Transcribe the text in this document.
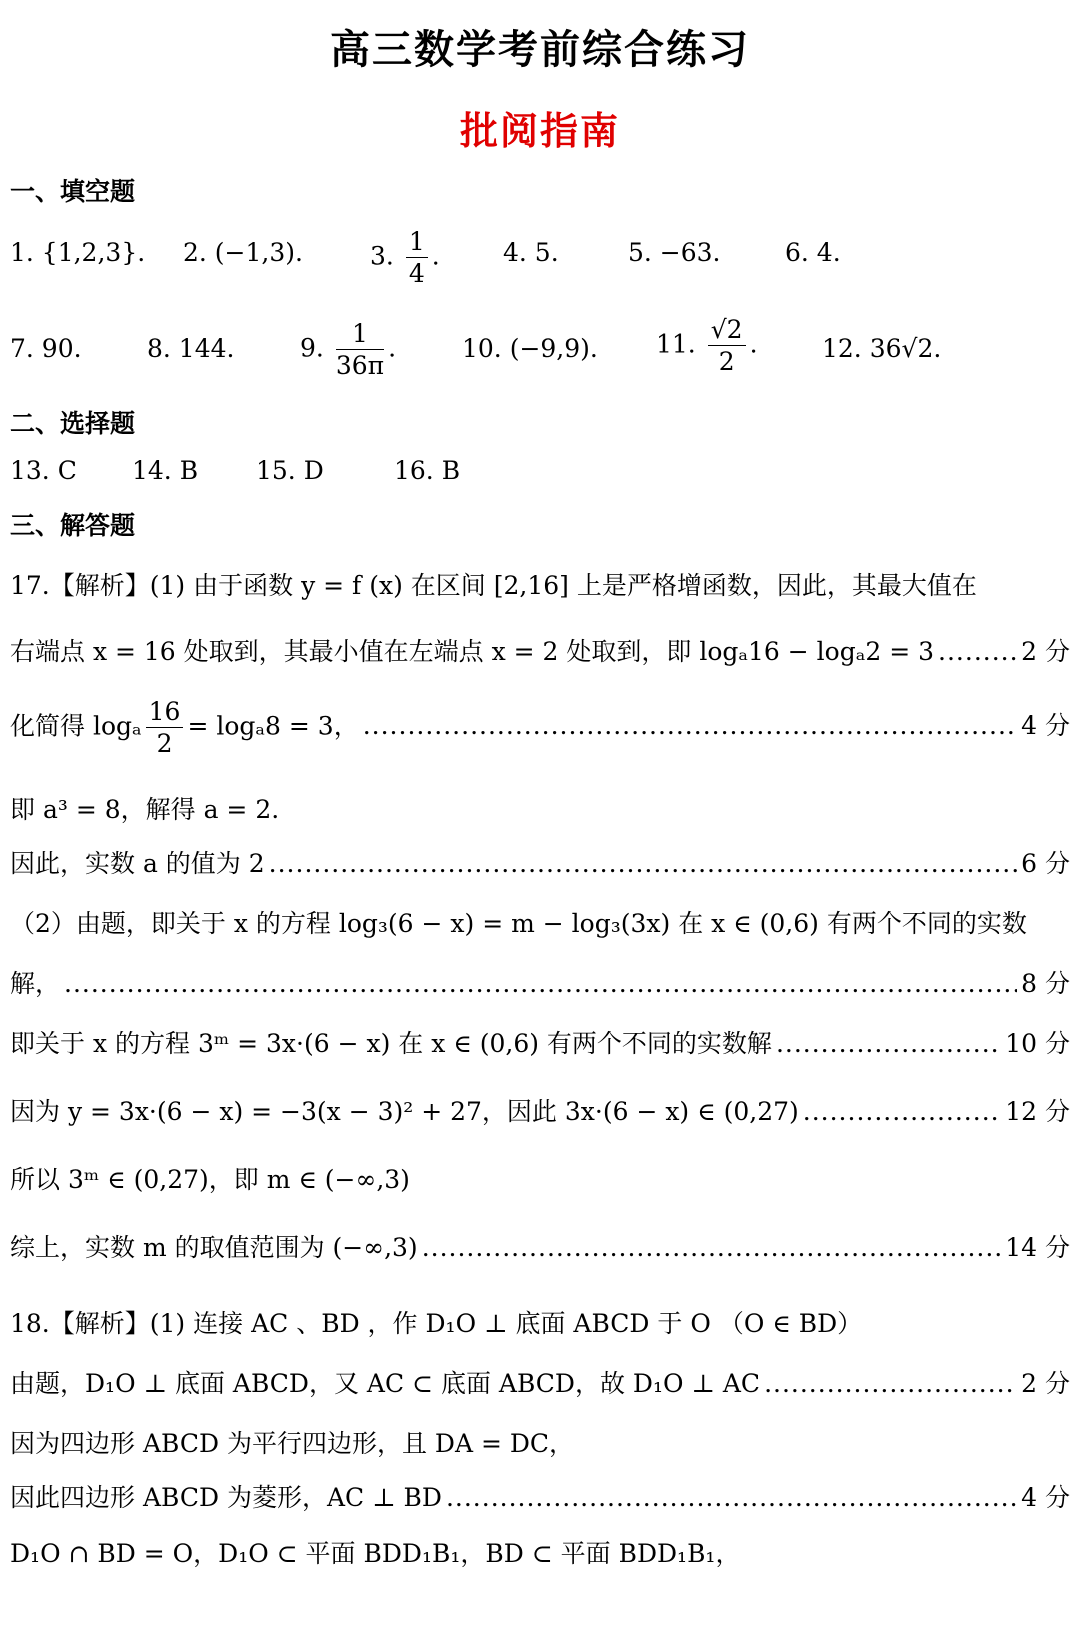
高三数学考前综合练习
批阅指南
一、填空题
1. {1,2,3}. 2. (−1,3).	3. $\frac{1}{4}$ .	4. 5.	5. −63.	6. 4.
7. 90.	8. 144.	9. $\frac{1}{36\pi}$ .	10. (−9,9). 11. $\frac{√2}{2}$ .	12. 36√2.
二、选择题
13. C 14. B 15. D	16. B
三、解答题
17.【解析】(1) 由于函数 y = f (x) 在区间 [2,16] 上是严格增函数，因此，其最大值在
右端点 x = 16 处取到，其最小值在左端点 x = 2 处取到，即 logₐ16 − logₐ2 = 3 .....	2 分
化简得 logₐ $\frac{16}{2} = \log_a8 = 3$， .....	4 分
即 a³ = 8，解得 a = 2.
因此，实数 a 的值为 2 .....	6 分
（2）由题，即关于 x 的方程 log₃(6 − x) = m − log₃(3x) 在 x ∈ (0,6) 有两个不同的实数
解， .....	8 分
即关于 x 的方程 3ᵐ = 3x·(6 − x) 在 x ∈ (0,6) 有两个不同的实数解 .....	10 分
因为 y = 3x·(6 − x) = −3(x − 3)² + 27，因此 3x·(6 − x) ∈ (0,27) .....	12 分
所以 3ᵐ ∈ (0,27)，即 m ∈ (−∞,3)
综上，实数 m 的取值范围为 (−∞,3) .....	14 分
18.【解析】(1) 连接 AC 、BD ，作 D₁O ⊥ 底面 ABCD 于 O （O ∈ BD）
由题，D₁O ⊥ 底面 ABCD，又 AC ⊂ 底面 ABCD，故 D₁O ⊥ AC .....	2 分
因为四边形 ABCD 为平行四边形，且 DA = DC，
因此四边形 ABCD 为菱形，AC ⊥ BD .....	4 分
D₁O ∩ BD = O，D₁O ⊂ 平面 BDD₁B₁，BD ⊂ 平面 BDD₁B₁，
